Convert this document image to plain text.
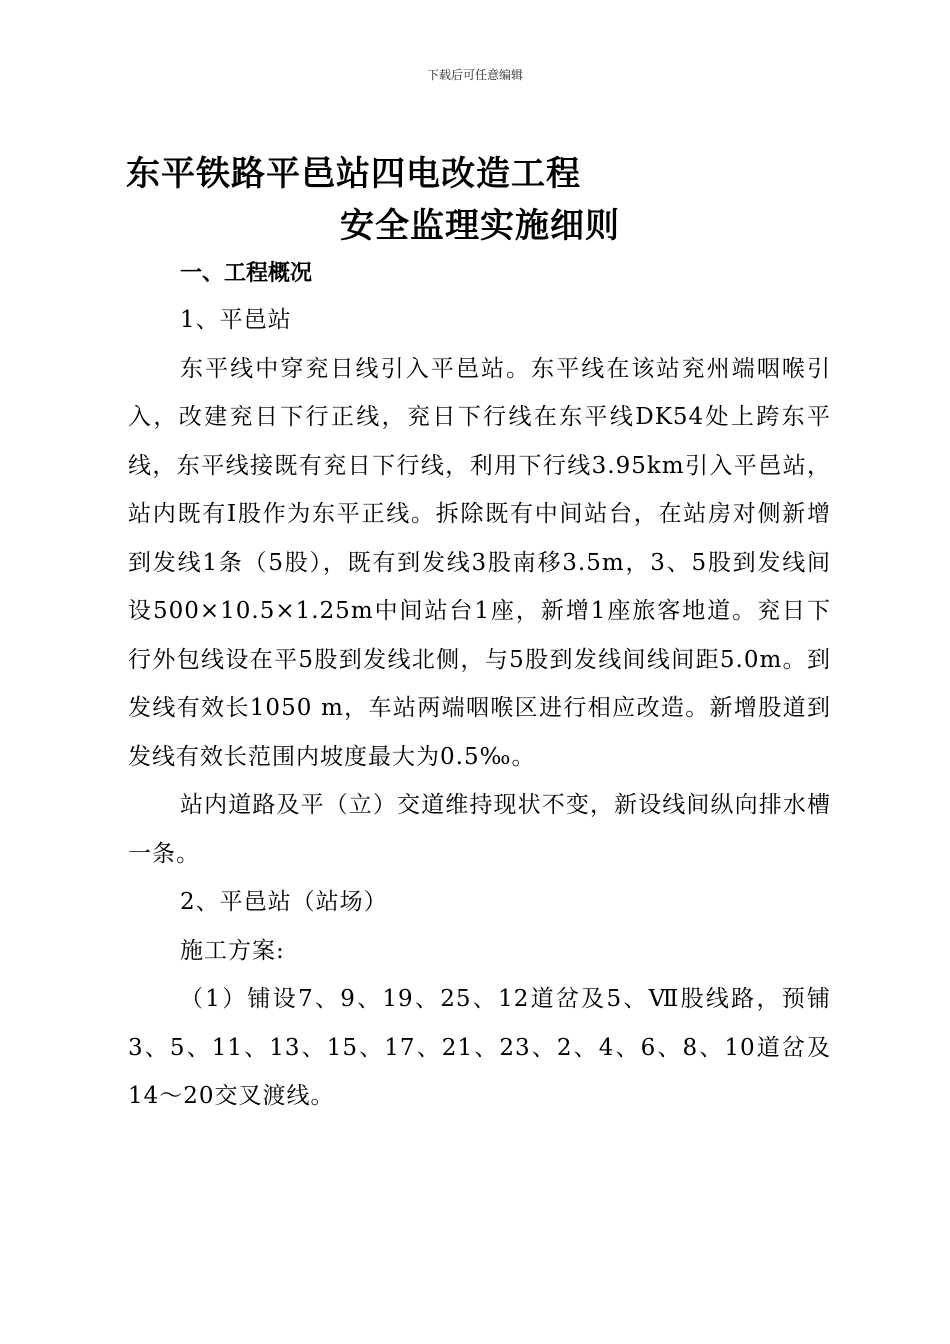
下载后可任意编辑
东平铁路平邑站四电改造工程
安全监理实施细则
一、工程概况

1、平邑站

东平线中穿兖日线引入平邑站。东平线在该站兖州端咽喉引入，改建兖日下行正线，兖日下行线在东平线DK54处上跨东平线，东平线接既有兖日下行线，利用下行线3.95km引入平邑站，站内既有Ⅰ股作为东平正线。拆除既有中间站台，在站房对侧新增到发线1条（5股），既有到发线3股南移3.5m，3、5股到发线间设500×10.5×1.25m中间站台1座，新增1座旅客地道。兖日下行外包线设在平5股到发线北侧，与5股到发线间线间距5.0m。到发线有效长1050 m，车站两端咽喉区进行相应改造。新增股道到发线有效长范围内坡度最大为0.5‰。

站内道路及平（立）交道维持现状不变，新设线间纵向排水槽一条。

2、平邑站（站场）

施工方案:

（1）铺设7、9、19、25、12道岔及5、Ⅶ股线路，预铺3、5、11、13、15、17、21、23、2、4、6、8、10道岔及14～20交叉渡线。
